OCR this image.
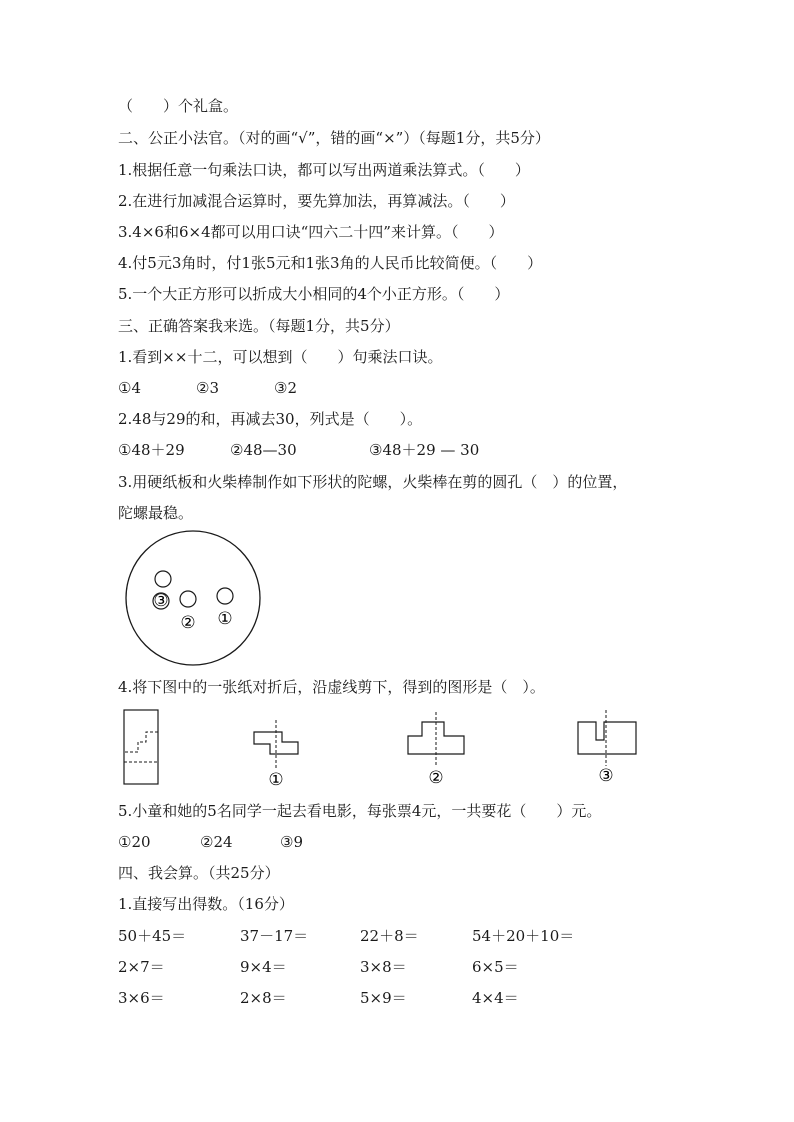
（　　）个礼盒。
二、公正小法官。（对的画“√”，错的画“×”）（每题1分，共5分）
1.根据任意一句乘法口诀，都可以写出两道乘法算式。（　　）
2.在进行加减混合运算时，要先算加法，再算减法。（　　）
3.4×6和6×4都可以用口诀“四六二十四”来计算。（　　）
4.付5元3角时，付1张5元和1张3角的人民币比较简便。（　　）
5.一个大正方形可以折成大小相同的4个小正方形。（　　）
三、正确答案我来选。（每题1分，共5分）
1.看到××十二，可以想到（　　）句乘法口诀。
①4	②3	③2
2.48与29的和，再减去30，列式是（　　）。
①48＋29	②48—30	③48＋29 — 30
3.用硬纸板和火柴棒制作如下形状的陀螺，火柴棒在剪的圆孔（　）的位置，
陀螺最稳。
③
② ①
4.将下图中的一张纸对折后，沿虚线剪下，得到的图形是（　）。
①	②	③
5.小童和她的5名同学一起去看电影，每张票4元，一共要花（　　）元。
①20	②24	③9
四、我会算。（共25分）
1.直接写出得数。（16分）
50＋45＝	37－17＝	22＋8＝	54＋20＋10＝
2×7＝	9×4＝	3×8＝	6×5＝
3×6＝	2×8＝	5×9＝	4×4＝
